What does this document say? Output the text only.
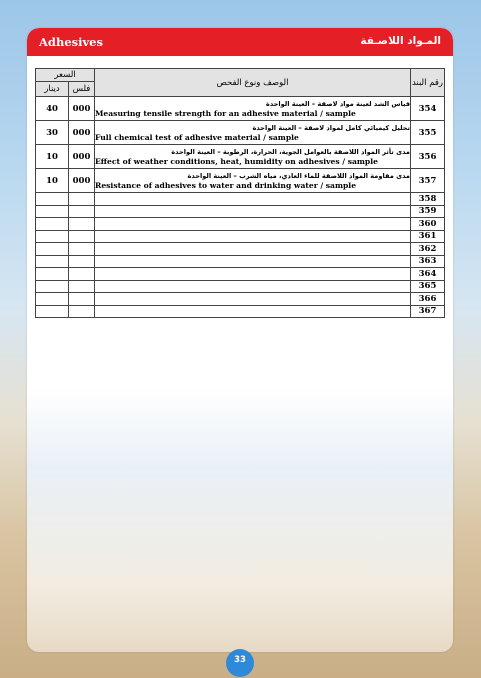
Adhesives	المـواد اللاصـقة
السعر		الوصف ونوع الفحص	رقم البند
دينار	فلس		
40	000	قياس الشد لعينة مواد لاصقة – العينة الواحدة
Measuring tensile strength for an adhesive material / sample	354
30	000	تحليل كيميائي كامل لمواد لاصقة – العينة الواحدة
Full chemical test of adhesive material / sample	355
10	000	مدى تأثر المواد اللاصقة بالعوامل الجوية، الحرارة، الرطوبة – العينة الواحدة
Effect of weather conditions, heat, humidity on adhesives / sample	356
10	000	مدى مقاومة المواد اللاصقة للماء العادي، مياه الشرب – العينة الواحدة
Resistance of adhesives to water and drinking water / sample	357
			358
			359
			360
			361
			362
			363
			364
			365
			366
			367
33
